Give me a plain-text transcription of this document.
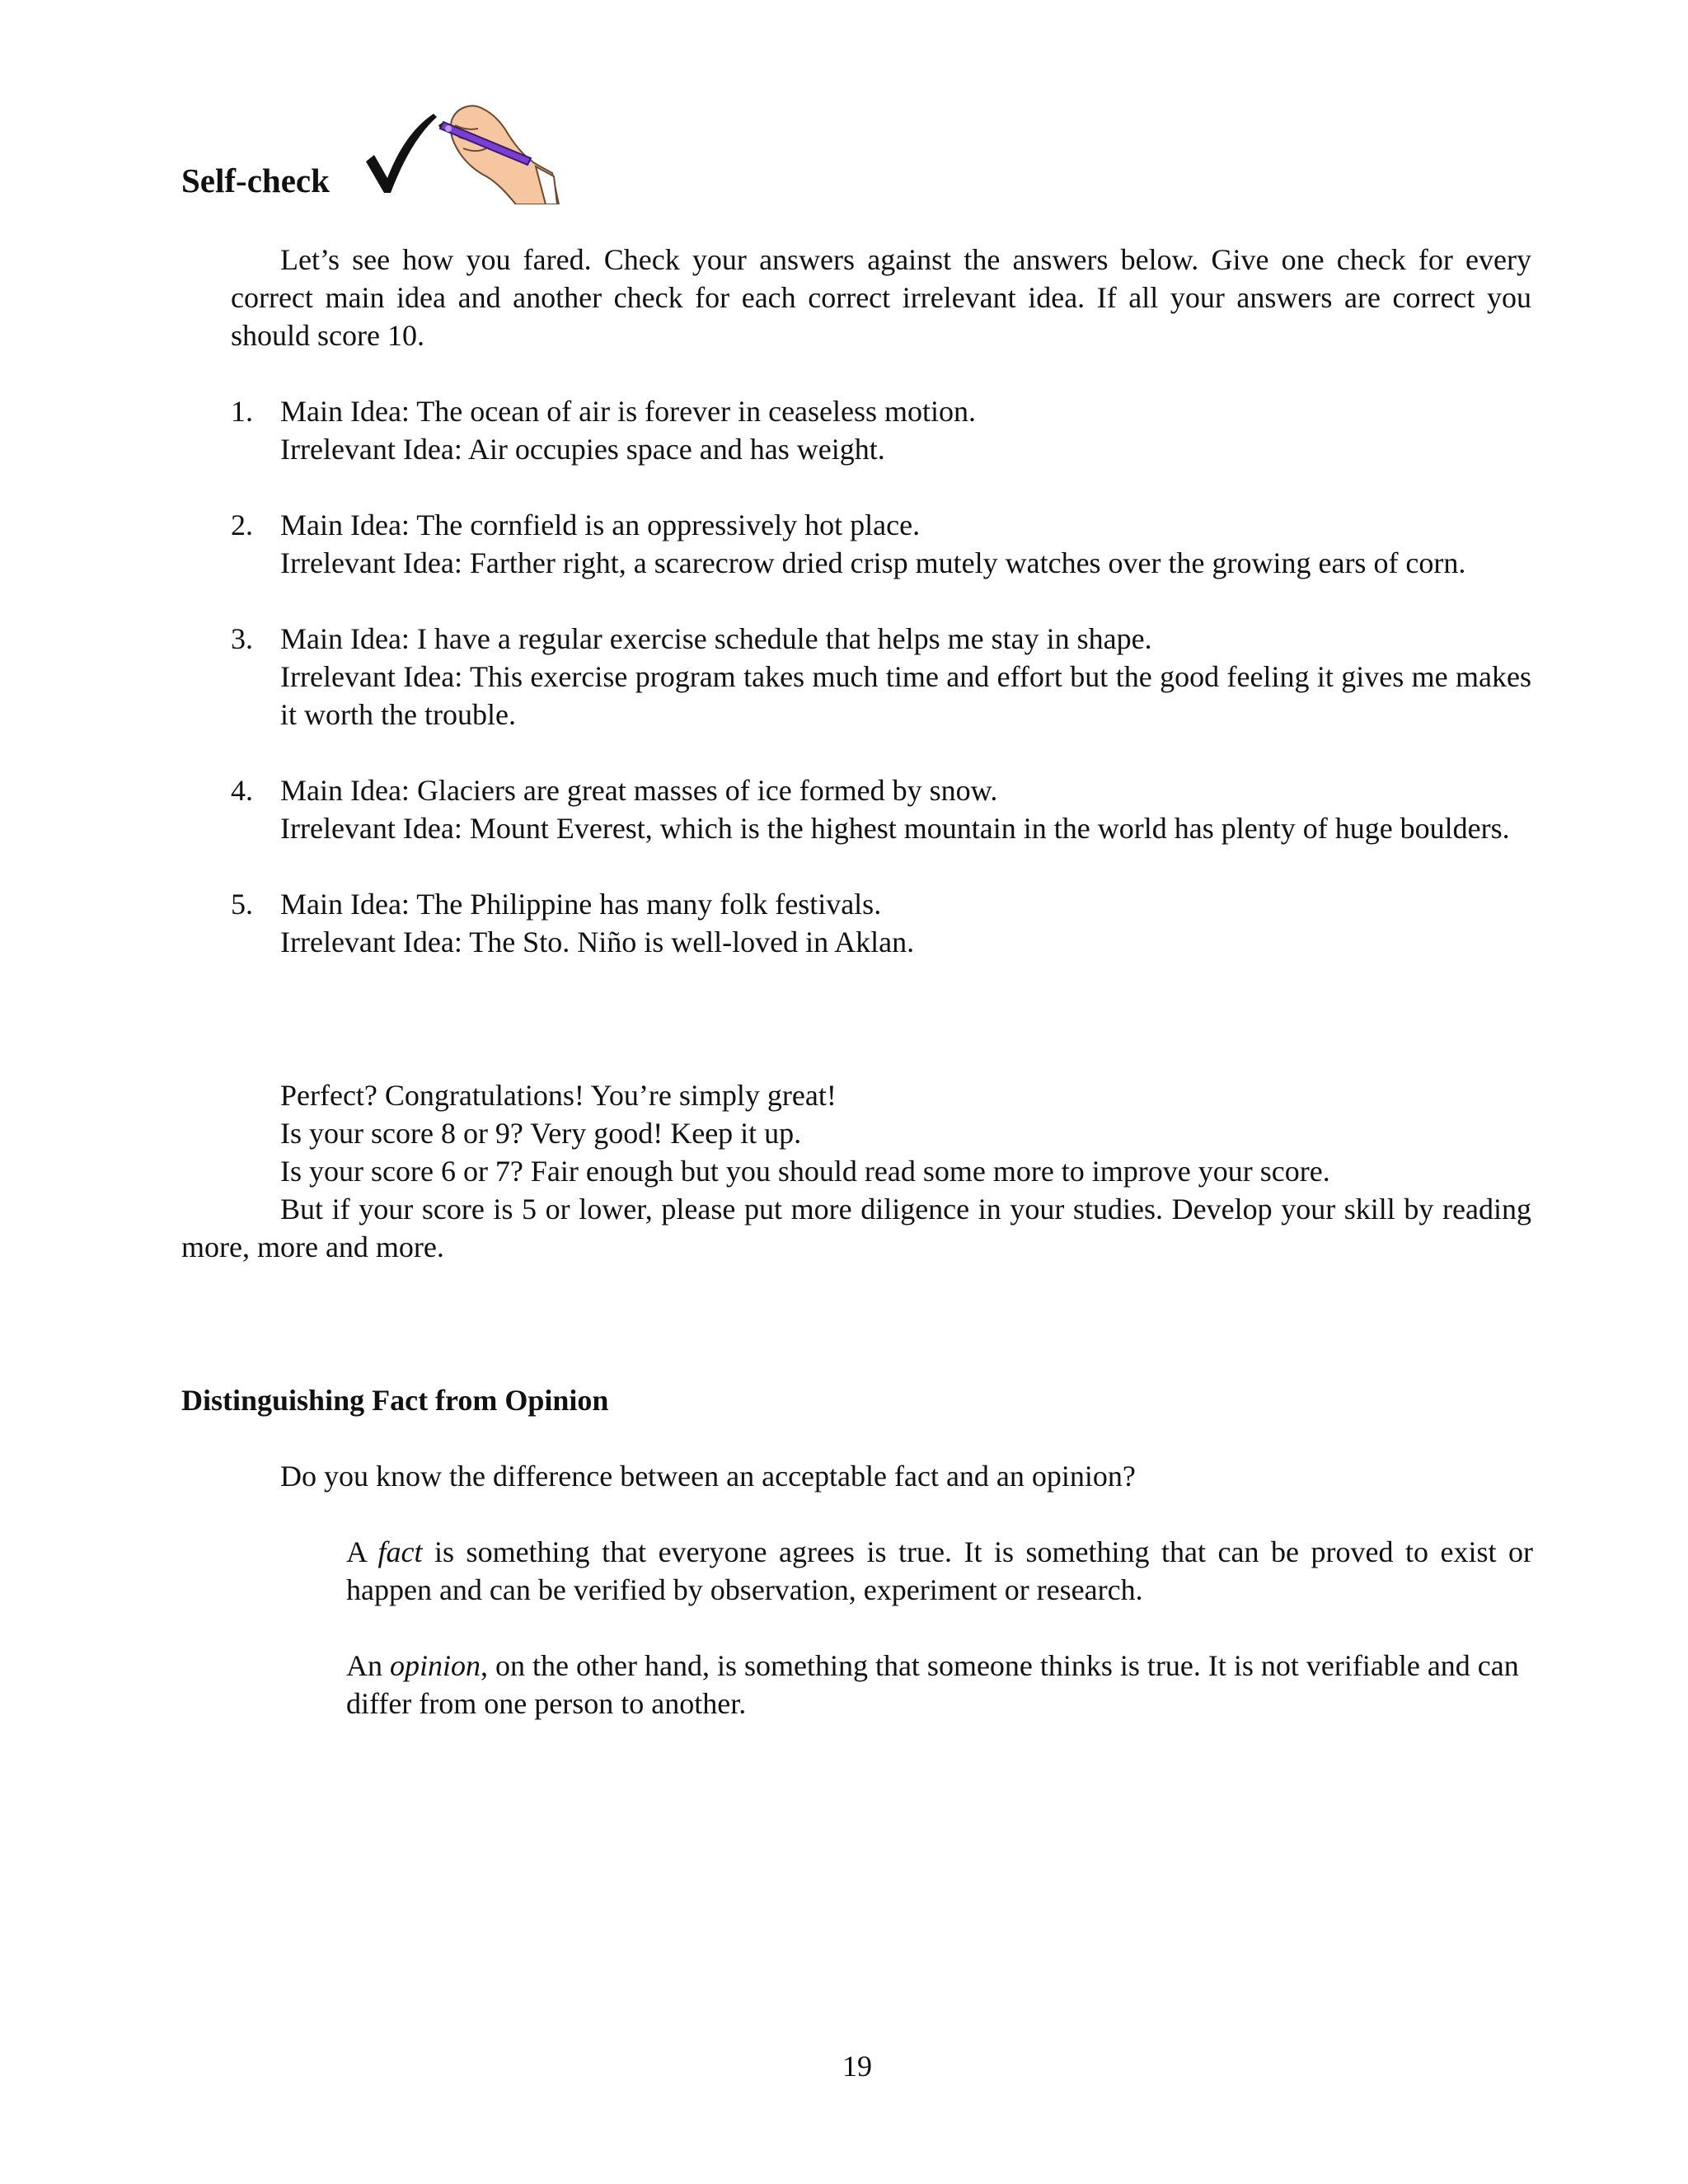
Self-check
Let’s see how you fared. Check your answers against the answers below. Give one check for every correct main idea and another check for each correct irrelevant idea. If all your answers are correct you should score 10.
1. Main Idea: The ocean of air is forever in ceaseless motion.
Irrelevant Idea: Air occupies space and has weight.
2. Main Idea: The cornfield is an oppressively hot place.
Irrelevant Idea: Farther right, a scarecrow dried crisp mutely watches over the growing ears of corn.
3. Main Idea: I have a regular exercise schedule that helps me stay in shape.
Irrelevant Idea: This exercise program takes much time and effort but the good feeling it gives me makes it worth the trouble.
4. Main Idea: Glaciers are great masses of ice formed by snow.
Irrelevant Idea: Mount Everest, which is the highest mountain in the world has plenty of huge boulders.
5. Main Idea: The Philippine has many folk festivals.
Irrelevant Idea: The Sto. Niño is well-loved in Aklan.
Perfect? Congratulations! You’re simply great!
Is your score 8 or 9? Very good! Keep it up.
Is your score 6 or 7? Fair enough but you should read some more to improve your score.
But if your score is 5 or lower, please put more diligence in your studies. Develop your skill by reading more, more and more.
Distinguishing Fact from Opinion
Do you know the difference between an acceptable fact and an opinion?
A fact is something that everyone agrees is true. It is something that can be proved to exist or happen and can be verified by observation, experiment or research.
An opinion, on the other hand, is something that someone thinks is true. It is not verifiable and can differ from one person to another.
19
